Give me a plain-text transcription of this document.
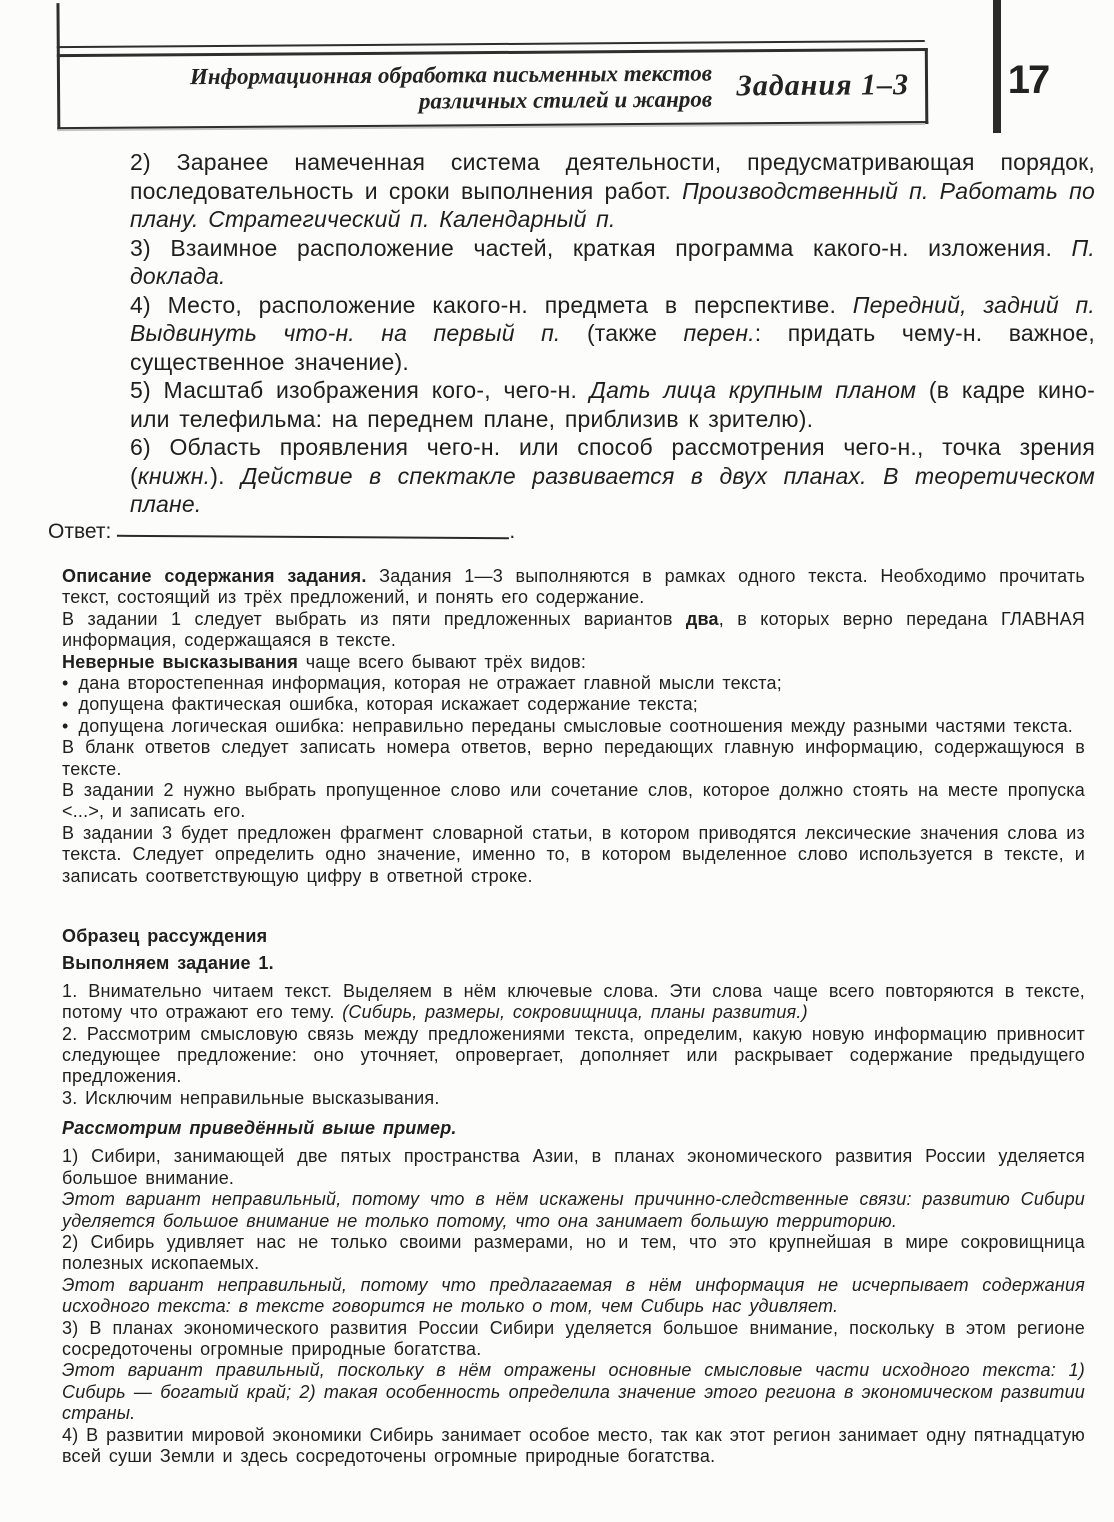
Информационная обработка письменных текстов
различных стилей и жанров Задания 1–3 17

2) Заранее намеченная система деятельности, предусматривающая порядок, последовательность и сроки выполнения работ. Производственный п. Работать по плану. Стратегический п. Календарный п.

3) Взаимное расположение частей, краткая программа какого-н. изложения. П. доклада.

4) Место, расположение какого-н. предмета в перспективе. Передний, задний п. Выдвинуть что-н. на первый п. (также перен.: придать чему-н. важное, существенное значение).

5) Масштаб изображения кого-, чего-н. Дать лица крупным планом (в кадре кино- или телефильма: на переднем плане, приблизив к зрителю).

6) Область проявления чего-н. или способ рассмотрения чего-н., точка зрения (книжн.). Действие в спектакле развивается в двух планах. В теоретическом плане.

Ответ:	.

Описание содержания задания. Задания 1—3 выполняются в рамках одного текста. Необходимо прочитать текст, состоящий из трёх предложений, и понять его содержание.

В задании 1 следует выбрать из пяти предложенных вариантов два, в которых верно передана ГЛАВНАЯ информация, содержащаяся в тексте.

Неверные высказывания чаще всего бывают трёх видов:

• дана второстепенная информация, которая не отражает главной мысли текста;

• допущена фактическая ошибка, которая искажает содержание текста;

• допущена логическая ошибка: неправильно переданы смысловые соотношения между разными частями текста.

В бланк ответов следует записать номера ответов, верно передающих главную информацию, содержащуюся в тексте.

В задании 2 нужно выбрать пропущенное слово или сочетание слов, которое должно стоять на месте пропуска <...>, и записать его.

В задании 3 будет предложен фрагмент словарной статьи, в котором приводятся лексические значения слова из текста. Следует определить одно значение, именно то, в котором выделенное слово используется в тексте, и записать соответствующую цифру в ответной строке.

Образец рассуждения

Выполняем задание 1.

1. Внимательно читаем текст. Выделяем в нём ключевые слова. Эти слова чаще всего повторяются в тексте, потому что отражают его тему. (Сибирь, размеры, сокровищница, планы развития.)

2. Рассмотрим смысловую связь между предложениями текста, определим, какую новую информацию привносит следующее предложение: оно уточняет, опровергает, дополняет или раскрывает содержание предыдущего предложения.

3. Исключим неправильные высказывания.

Рассмотрим приведённый выше пример.

1) Сибири, занимающей две пятых пространства Азии, в планах экономического развития России уделяется большое внимание.

Этот вариант неправильный, потому что в нём искажены причинно-следственные связи: развитию Сибири уделяется большое внимание не только потому, что она занимает большую территорию.

2) Сибирь удивляет нас не только своими размерами, но и тем, что это крупнейшая в мире сокровищница полезных ископаемых.

Этот вариант неправильный, потому что предлагаемая в нём информация не исчерпывает содержания исходного текста: в тексте говорится не только о том, чем Сибирь нас удивляет.

3) В планах экономического развития России Сибири уделяется большое внимание, поскольку в этом регионе сосредоточены огромные природные богатства.

Этот вариант правильный, поскольку в нём отражены основные смысловые части исходного текста: 1) Сибирь — богатый край; 2) такая особенность определила значение этого региона в экономическом развитии страны.

4) В развитии мировой экономики Сибирь занимает особое место, так как этот регион занимает одну пятнадцатую всей суши Земли и здесь сосредоточены огромные природные богатства.
